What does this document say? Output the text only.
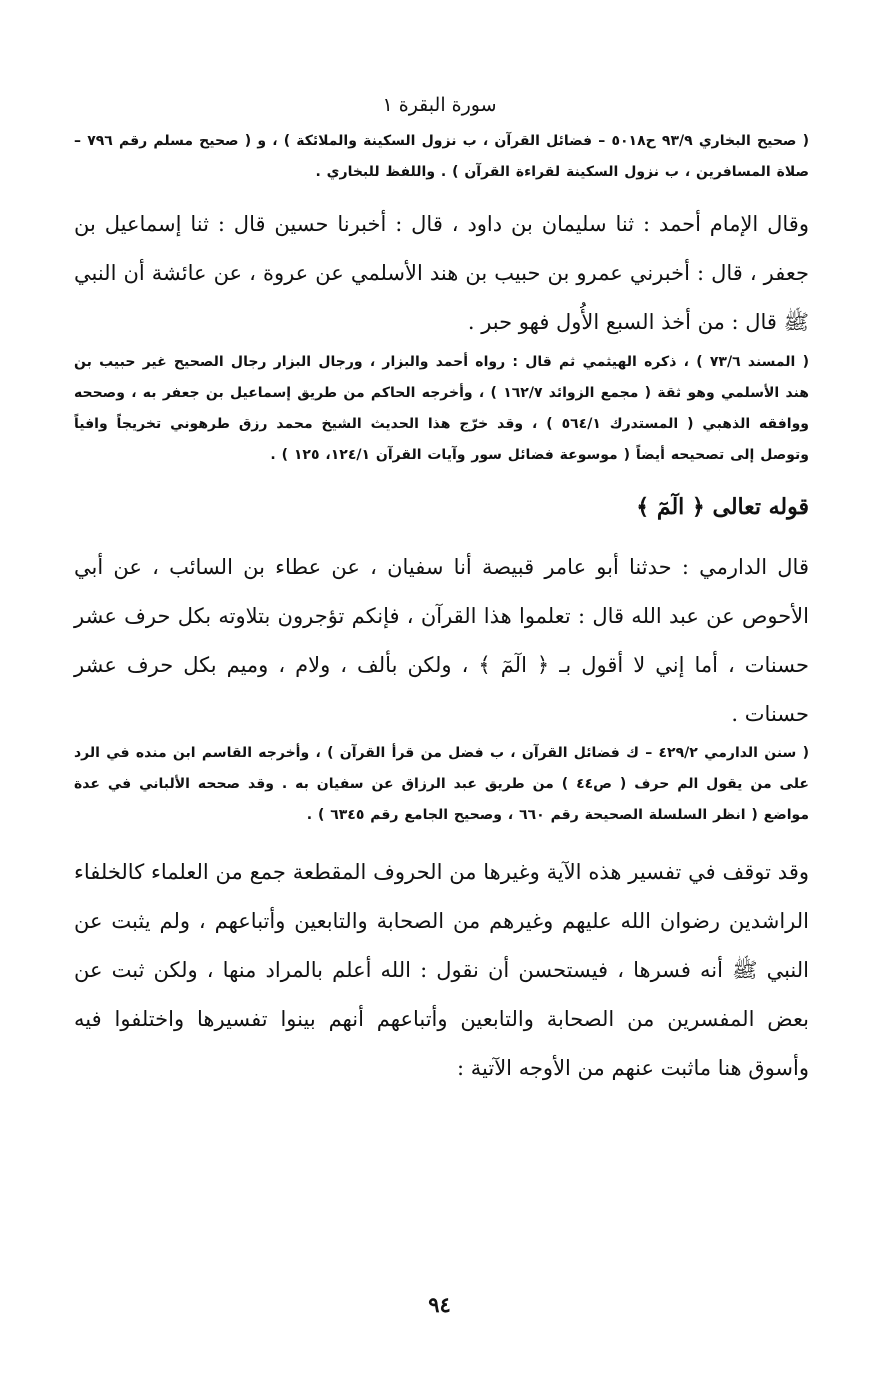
سورة البقرة ١
( صحيح البخاري ٩٣/٩ ح٥٠١٨ – فضائل القرآن ، ب نزول السكينة والملائكة ) ، و ( صحيح مسلم رقم ٧٩٦ – صلاة المسافرين ، ب نزول السكينة لقراءة القرآن ) . واللفظ للبخاري .
وقال الإمام أحمد : ثنا سليمان بن داود ، قال : أخبرنا حسين قال : ثنا إسماعيل بن جعفر ، قال : أخبرني عمرو بن حبيب بن هند الأسلمي عن عروة ، عن عائشة أن النبي ﷺ قال : من أخذ السبع الأُول فهو حبر .
( المسند ٧٣/٦ ) ، ذكره الهيثمي ثم قال : رواه أحمد والبزار ، ورجال البزار رجال الصحيح غير حبيب بن هند الأسلمي وهو ثقة ( مجمع الزوائد ١٦٢/٧ ) ، وأخرجه الحاكم من طريق إسماعيل بن جعفر به ، وصححه ووافقه الذهبي ( المستدرك ٥٦٤/١ ) ، وقد خرّج هذا الحديث الشيخ محمد رزق طرهوني تخريجاً وافياً وتوصل إلى تصحيحه أيضاً ( موسوعة فضائل سور وآيات القرآن ١٢٤/١، ١٢٥ ) .
قوله تعالى ﴿ الٓمٓ ﴾
قال الدارمي : حدثنا أبو عامر قبيصة أنا سفيان ، عن عطاء بن السائب ، عن أبي الأحوص عن عبد الله قال : تعلموا هذا القرآن ، فإنكم تؤجرون بتلاوته بكل حرف عشر حسنات ، أما إني لا أقول بـ ﴿ الٓمٓ ﴾ ، ولكن بألف ، ولام ، وميم بكل حرف عشر حسنات .
( سنن الدارمي ٤٢٩/٢ – ك فضائل القرآن ، ب فضل من قرأ القرآن ) ، وأخرجه القاسم ابن منده في الرد على من يقول الم حرف ( ص٤٤ ) من طريق عبد الرزاق عن سفيان به . وقد صححه الألباني في عدة مواضع ( انظر السلسلة الصحيحة رقم ٦٦٠ ، وصحيح الجامع رقم ٦٣٤٥ ) .
وقد توقف في تفسير هذه الآية وغيرها من الحروف المقطعة جمع من العلماء كالخلفاء الراشدين رضوان الله عليهم وغيرهم من الصحابة والتابعين وأتباعهم ، ولم يثبت عن النبي ﷺ أنه فسرها ، فيستحسن أن نقول : الله أعلم بالمراد منها ، ولكن ثبت عن بعض المفسرين من الصحابة والتابعين وأتباعهم أنهم بينوا تفسيرها واختلفوا فيه وأسوق هنا ماثبت عنهم من الأوجه الآتية :
٩٤
